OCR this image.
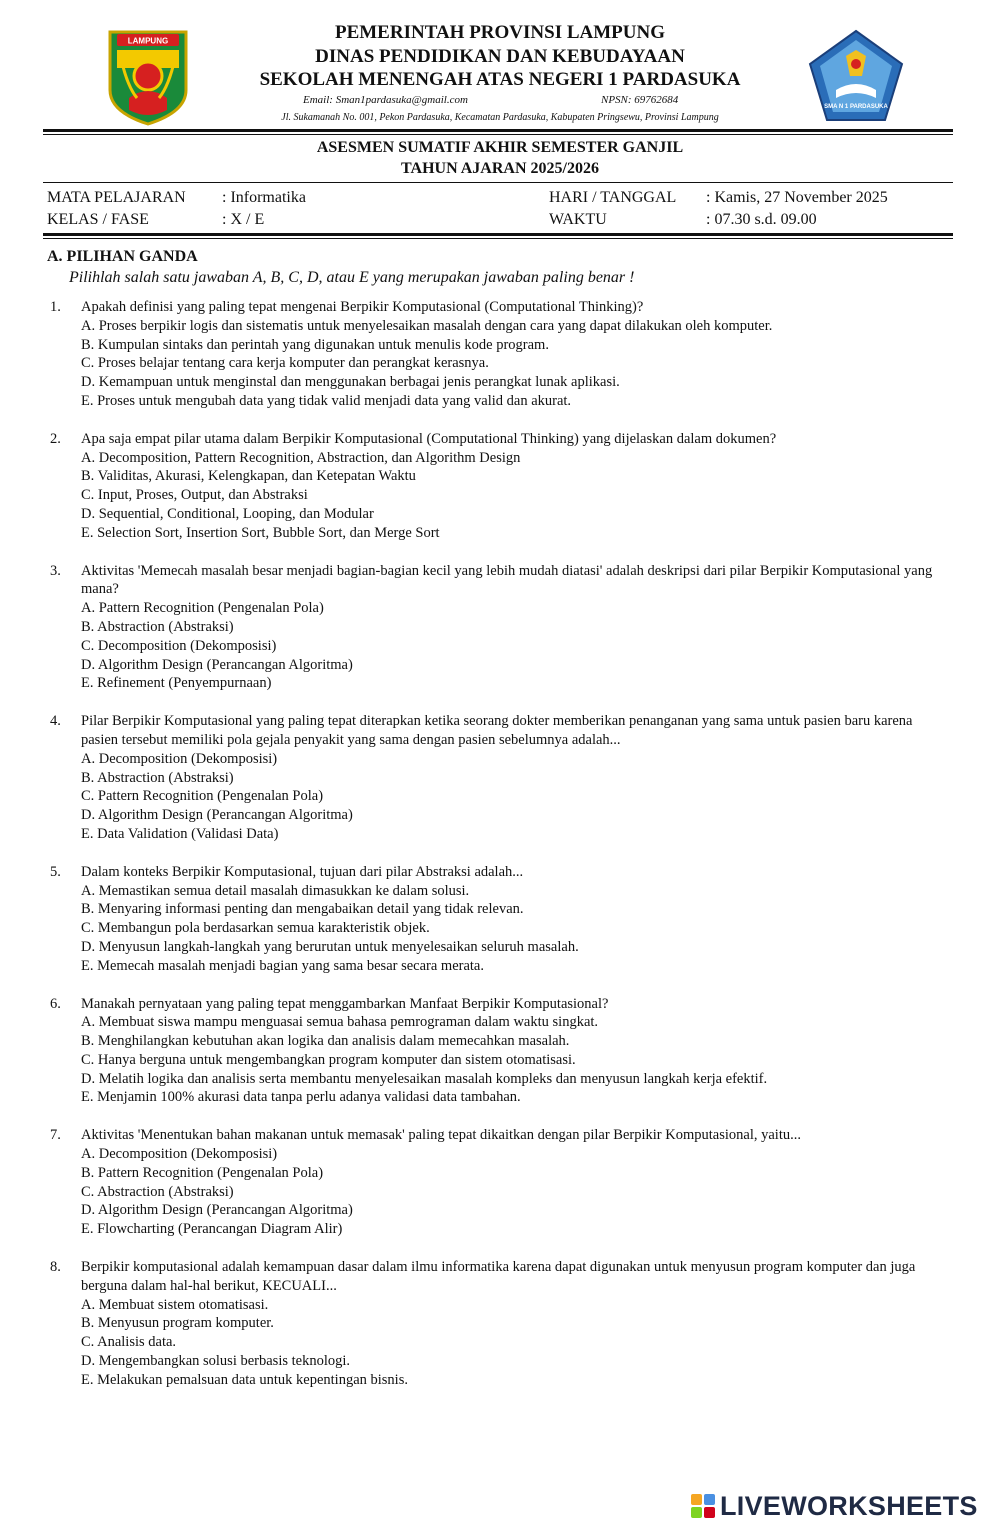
LAMPUNG	PEMERINTAH PROVINSI LAMPUNG
DINAS PENDIDIKAN DAN KEBUDAYAAN
SEKOLAH MENENGAH ATAS NEGERI 1 PARDASUKA
Email: Sman1pardasuka@gmail.com	NPSN: 69762684
Jl. Sukamanah No. 001, Pekon Pardasuka, Kecamatan Pardasuka, Kabupaten Pringsewu, Provinsi Lampung
SMA N 1 PARDASUKA
ASESMEN SUMATIF AKHIR SEMESTER GANJIL
TAHUN AJARAN 2025/2026
MATA PELAJARAN : Informatika	HARI / TANGGAL : Kamis, 27 November 2025
KELAS / FASE	: X / E	WAKTU	: 07.30 s.d. 09.00
A. PILIHAN GANDA
Pilihlah salah satu jawaban A, B, C, D, atau E yang merupakan jawaban paling benar !
1.	Apakah definisi yang paling tepat mengenai Berpikir Komputasional (Computational Thinking)?
A. Proses berpikir logis dan sistematis untuk menyelesaikan masalah dengan cara yang dapat dilakukan oleh komputer.
B. Kumpulan sintaks dan perintah yang digunakan untuk menulis kode program.
C. Proses belajar tentang cara kerja komputer dan perangkat kerasnya.
D. Kemampuan untuk menginstal dan menggunakan berbagai jenis perangkat lunak aplikasi.
E. Proses untuk mengubah data yang tidak valid menjadi data yang valid dan akurat.
2.	Apa saja empat pilar utama dalam Berpikir Komputasional (Computational Thinking) yang dijelaskan dalam dokumen?
A. Decomposition, Pattern Recognition, Abstraction, dan Algorithm Design
B. Validitas, Akurasi, Kelengkapan, dan Ketepatan Waktu
C. Input, Proses, Output, dan Abstraksi
D. Sequential, Conditional, Looping, dan Modular
E. Selection Sort, Insertion Sort, Bubble Sort, dan Merge Sort
3.	Aktivitas 'Memecah masalah besar menjadi bagian-bagian kecil yang lebih mudah diatasi' adalah deskripsi dari pilar Berpikir Komputasional yang mana?
A. Pattern Recognition (Pengenalan Pola)
B. Abstraction (Abstraksi)
C. Decomposition (Dekomposisi)
D. Algorithm Design (Perancangan Algoritma)
E. Refinement (Penyempurnaan)
4.	Pilar Berpikir Komputasional yang paling tepat diterapkan ketika seorang dokter memberikan penanganan yang sama untuk pasien baru karena pasien tersebut memiliki pola gejala penyakit yang sama dengan pasien sebelumnya adalah...
A. Decomposition (Dekomposisi)
B. Abstraction (Abstraksi)
C. Pattern Recognition (Pengenalan Pola)
D. Algorithm Design (Perancangan Algoritma)
E. Data Validation (Validasi Data)
5.	Dalam konteks Berpikir Komputasional, tujuan dari pilar Abstraksi adalah...
A. Memastikan semua detail masalah dimasukkan ke dalam solusi.
B. Menyaring informasi penting dan mengabaikan detail yang tidak relevan.
C. Membangun pola berdasarkan semua karakteristik objek.
D. Menyusun langkah-langkah yang berurutan untuk menyelesaikan seluruh masalah.
E. Memecah masalah menjadi bagian yang sama besar secara merata.
6.	Manakah pernyataan yang paling tepat menggambarkan Manfaat Berpikir Komputasional?
A. Membuat siswa mampu menguasai semua bahasa pemrograman dalam waktu singkat.
B. Menghilangkan kebutuhan akan logika dan analisis dalam memecahkan masalah.
C. Hanya berguna untuk mengembangkan program komputer dan sistem otomatisasi.
D. Melatih logika dan analisis serta membantu menyelesaikan masalah kompleks dan menyusun langkah kerja efektif.
E. Menjamin 100% akurasi data tanpa perlu adanya validasi data tambahan.
7.	Aktivitas 'Menentukan bahan makanan untuk memasak' paling tepat dikaitkan dengan pilar Berpikir Komputasional, yaitu...
A. Decomposition (Dekomposisi)
B. Pattern Recognition (Pengenalan Pola)
C. Abstraction (Abstraksi)
D. Algorithm Design (Perancangan Algoritma)
E. Flowcharting (Perancangan Diagram Alir)
8.	Berpikir komputasional adalah kemampuan dasar dalam ilmu informatika karena dapat digunakan untuk menyusun program komputer dan juga berguna dalam hal-hal berikut, KECUALI...
A. Membuat sistem otomatisasi.
B. Menyusun program komputer.
C. Analisis data.
D. Mengembangkan solusi berbasis teknologi.
E. Melakukan pemalsuan data untuk kepentingan bisnis.
LIVEWORKSHEETS
